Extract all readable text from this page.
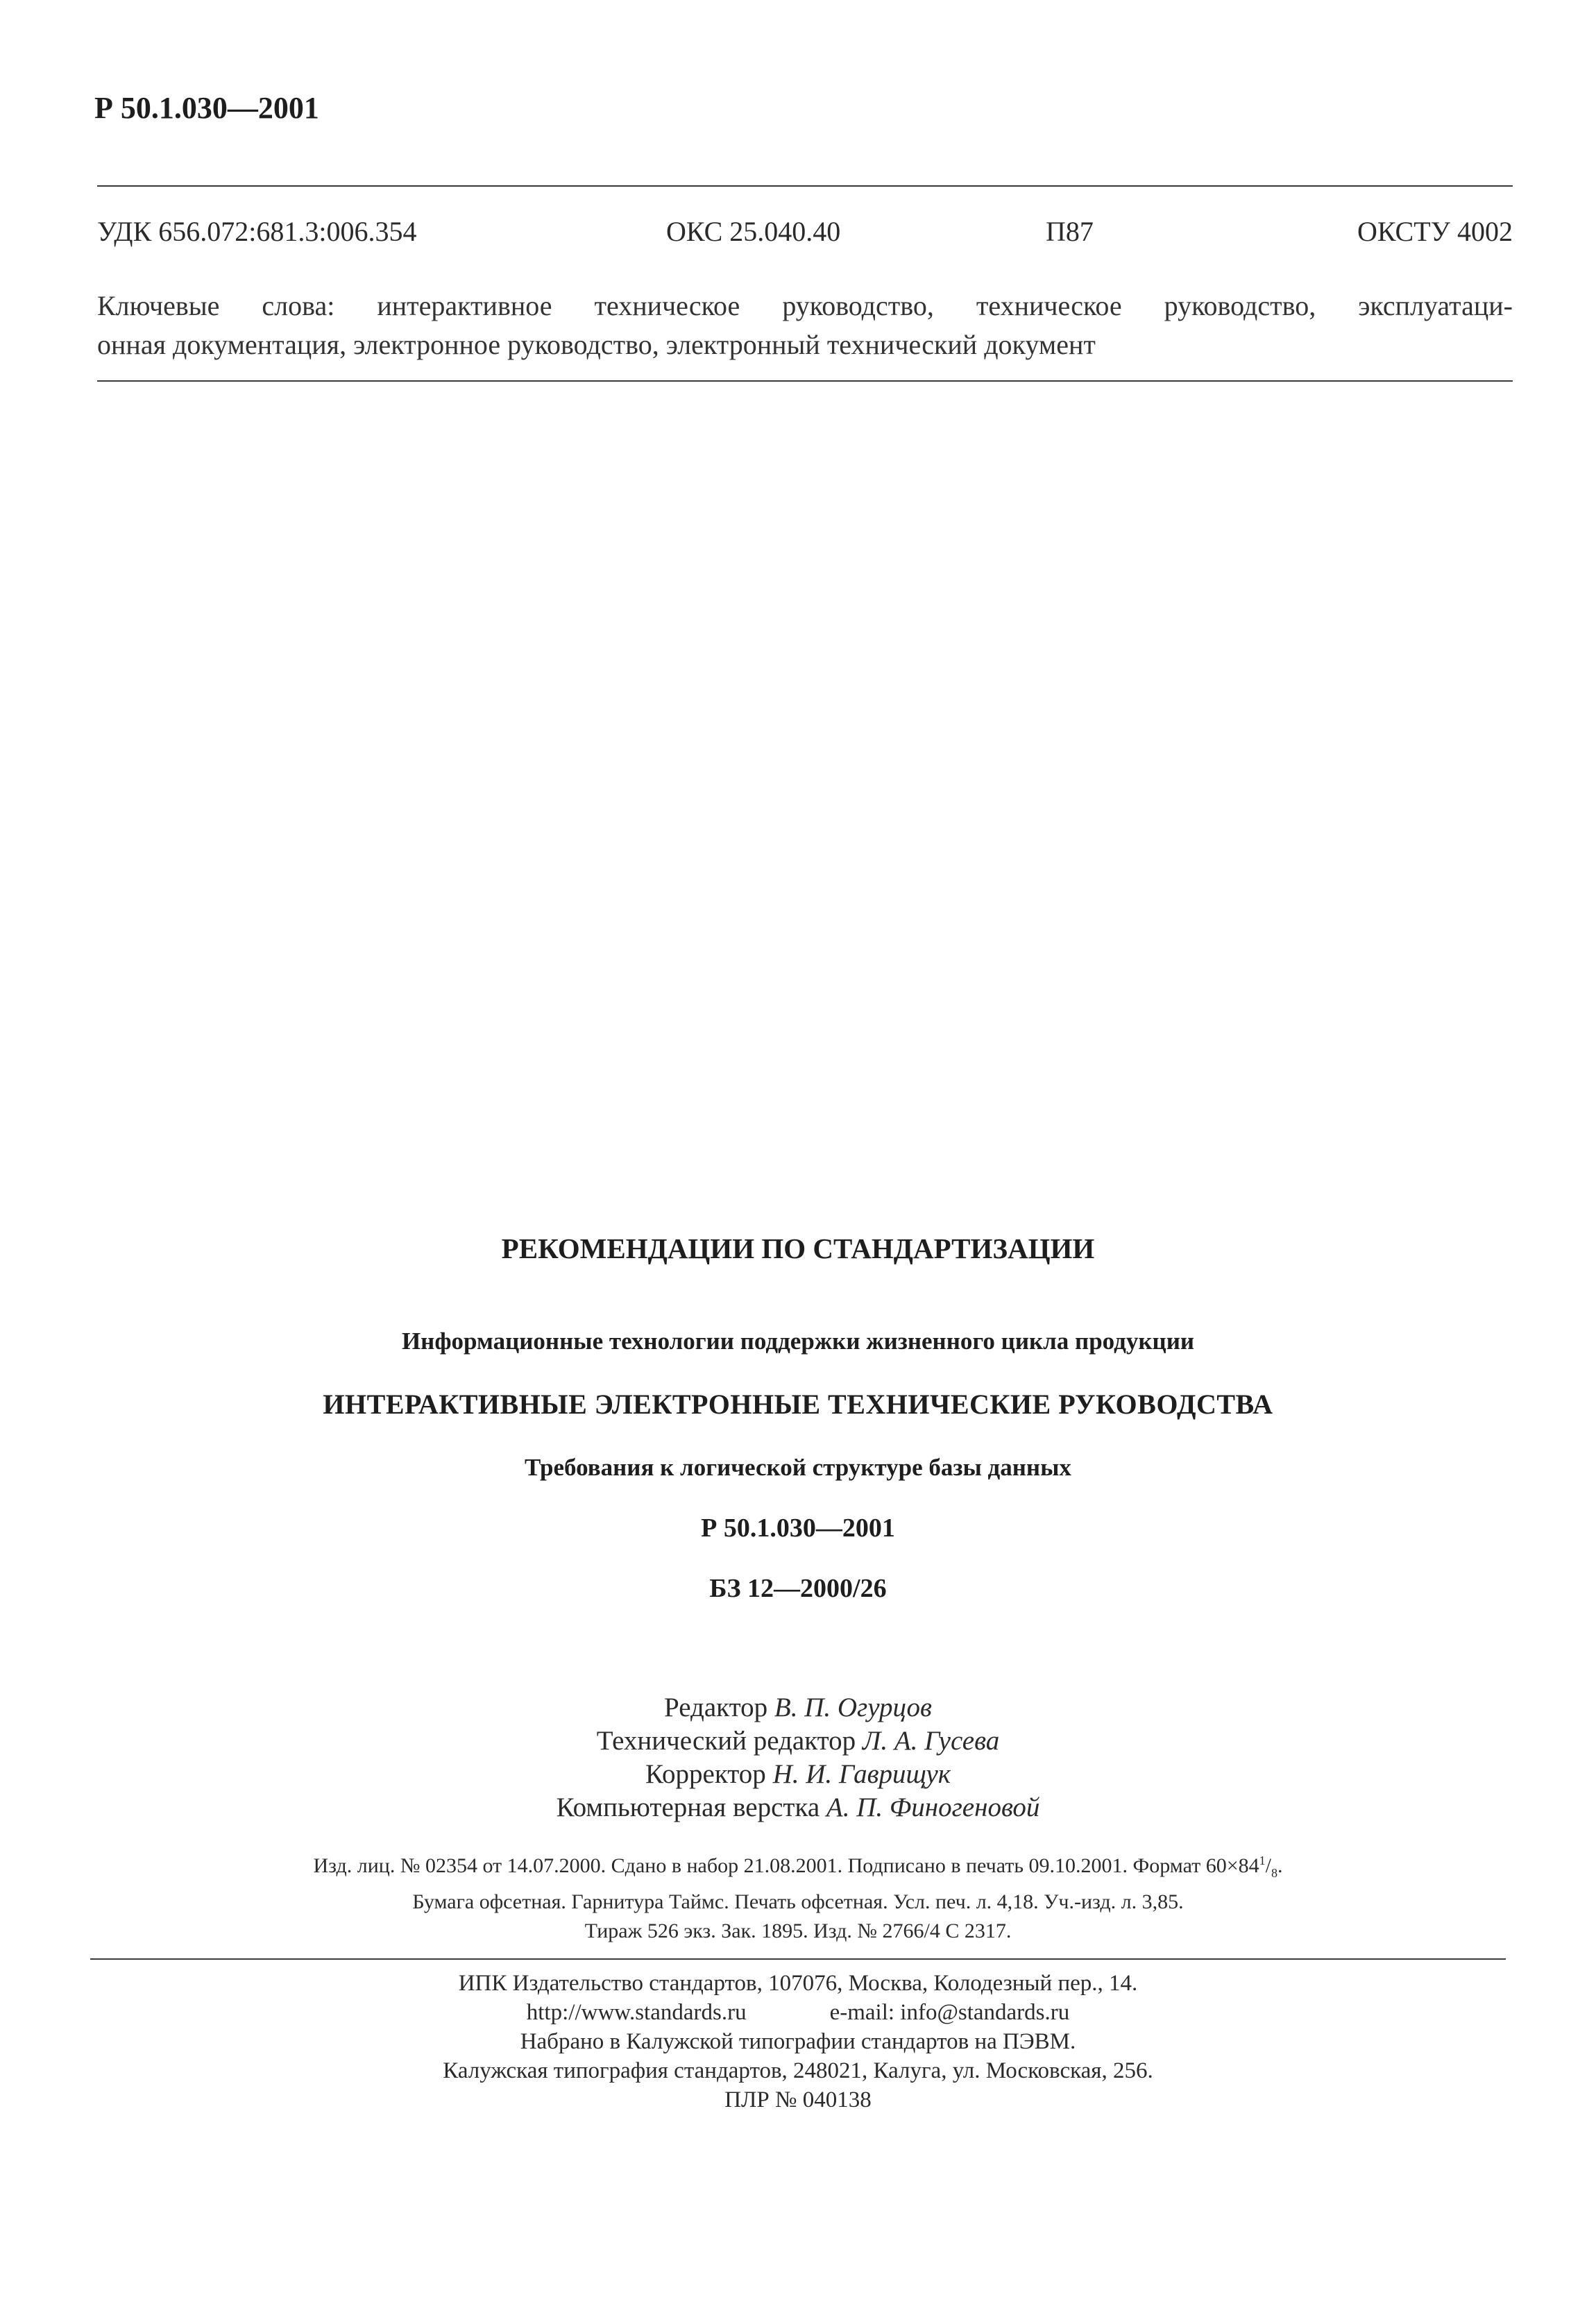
Р 50.1.030—2001
УДК 656.072:681.3:006.354	ОКС 25.040.40	П87	ОКСТУ 4002

Ключевые слова: интерактивное техническое руководство, техническое руководство, эксплуатаци-

онная документация, электронное руководство, электронный технический документ

РЕКОМЕНДАЦИИ ПО СТАНДАРТИЗАЦИИ
Информационные технологии поддержки жизненного цикла продукции
ИНТЕРАКТИВНЫЕ ЭЛЕКТРОННЫЕ ТЕХНИЧЕСКИЕ РУКОВОДСТВА
Требования к логической структуре базы данных
Р 50.1.030—2001
БЗ 12—2000/26
Редактор В. П. Огурцов
Технический редактор Л. А. Гусева
Корректор Н. И. Гаврищук
Компьютерная верстка А. П. Финогеновой
Изд. лиц. № 02354 от 14.07.2000. Сдано в набор 21.08.2001. Подписано в печать 09.10.2001. Формат $60\times 84^1/_8$.
Бумага офсетная. Гарнитура Таймс. Печать офсетная. Усл. печ. л. 4,18. Уч.-изд. л. 3,85.
Тираж 526 экз. Зак. 1895. Изд. № 2766/4 С 2317.
ИПК Издательство стандартов, 107076, Москва, Колодезный пер., 14.
http://www.standards.ru	e-mail: info@standards.ru
Набрано в Калужской типографии стандартов на ПЭВМ.
Калужская типография стандартов, 248021, Калуга, ул. Московская, 256.
ПЛР № 040138
